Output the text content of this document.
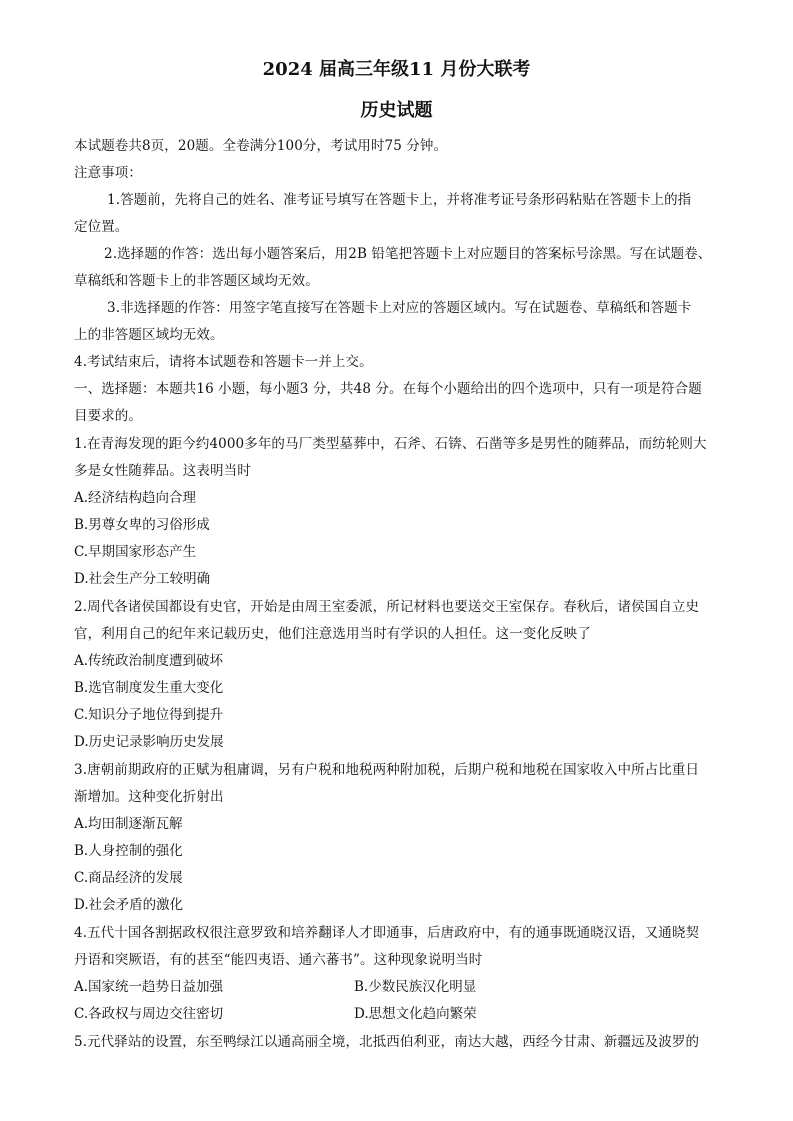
2024 届高三年级11 月份大联考
历史试题
本试题卷共8页，20题。全卷满分100分，考试用时75 分钟。
注意事项：
1.答题前，先将自己的姓名、准考证号填写在答题卡上，并将准考证号条形码粘贴在答题卡上的指
定位置。
2.选择题的作答：选出每小题答案后，用2B 铅笔把答题卡上对应题目的答案标号涂黑。写在试题卷、
草稿纸和答题卡上的非答题区域均无效。
3.非选择题的作答：用签字笔直接写在答题卡上对应的答题区域内。写在试题卷、草稿纸和答题卡
上的非答题区域均无效。
4.考试结束后，请将本试题卷和答题卡一并上交。
一、选择题：本题共16 小题，每小题3 分，共48 分。在每个小题给出的四个选项中，只有一项是符合题
目要求的。
1.在青海发现的距今约4000多年的马厂类型墓葬中，石斧、石锛、石凿等多是男性的随葬品，而纺轮则大
多是女性随葬品。这表明当时
A.经济结构趋向合理
B.男尊女卑的习俗形成
C.早期国家形态产生
D.社会生产分工较明确
2.周代各诸侯国都设有史官，开始是由周王室委派，所记材料也要送交王室保存。春秋后，诸侯国自立史
官，利用自己的纪年来记载历史，他们注意选用当时有学识的人担任。这一变化反映了
A.传统政治制度遭到破坏
B.选官制度发生重大变化
C.知识分子地位得到提升
D.历史记录影响历史发展
3.唐朝前期政府的正赋为租庸调，另有户税和地税两种附加税，后期户税和地税在国家收入中所占比重日
渐增加。这种变化折射出
A.均田制逐渐瓦解
B.人身控制的强化
C.商品经济的发展
D.社会矛盾的激化
4.五代十国各割据政权很注意罗致和培养翻译人才即通事，后唐政府中，有的通事既通晓汉语，又通晓契
丹语和突厥语，有的甚至“能四夷语、通六蕃书”。这种现象说明当时
A.国家统一趋势日益加强	B.少数民族汉化明显
C.各政权与周边交往密切	D.思想文化趋向繁荣
5.元代驿站的设置，东至鸭绿江以通高丽全境，北抵西伯利亚，南达大越，西经今甘肃、新疆远及波罗的
